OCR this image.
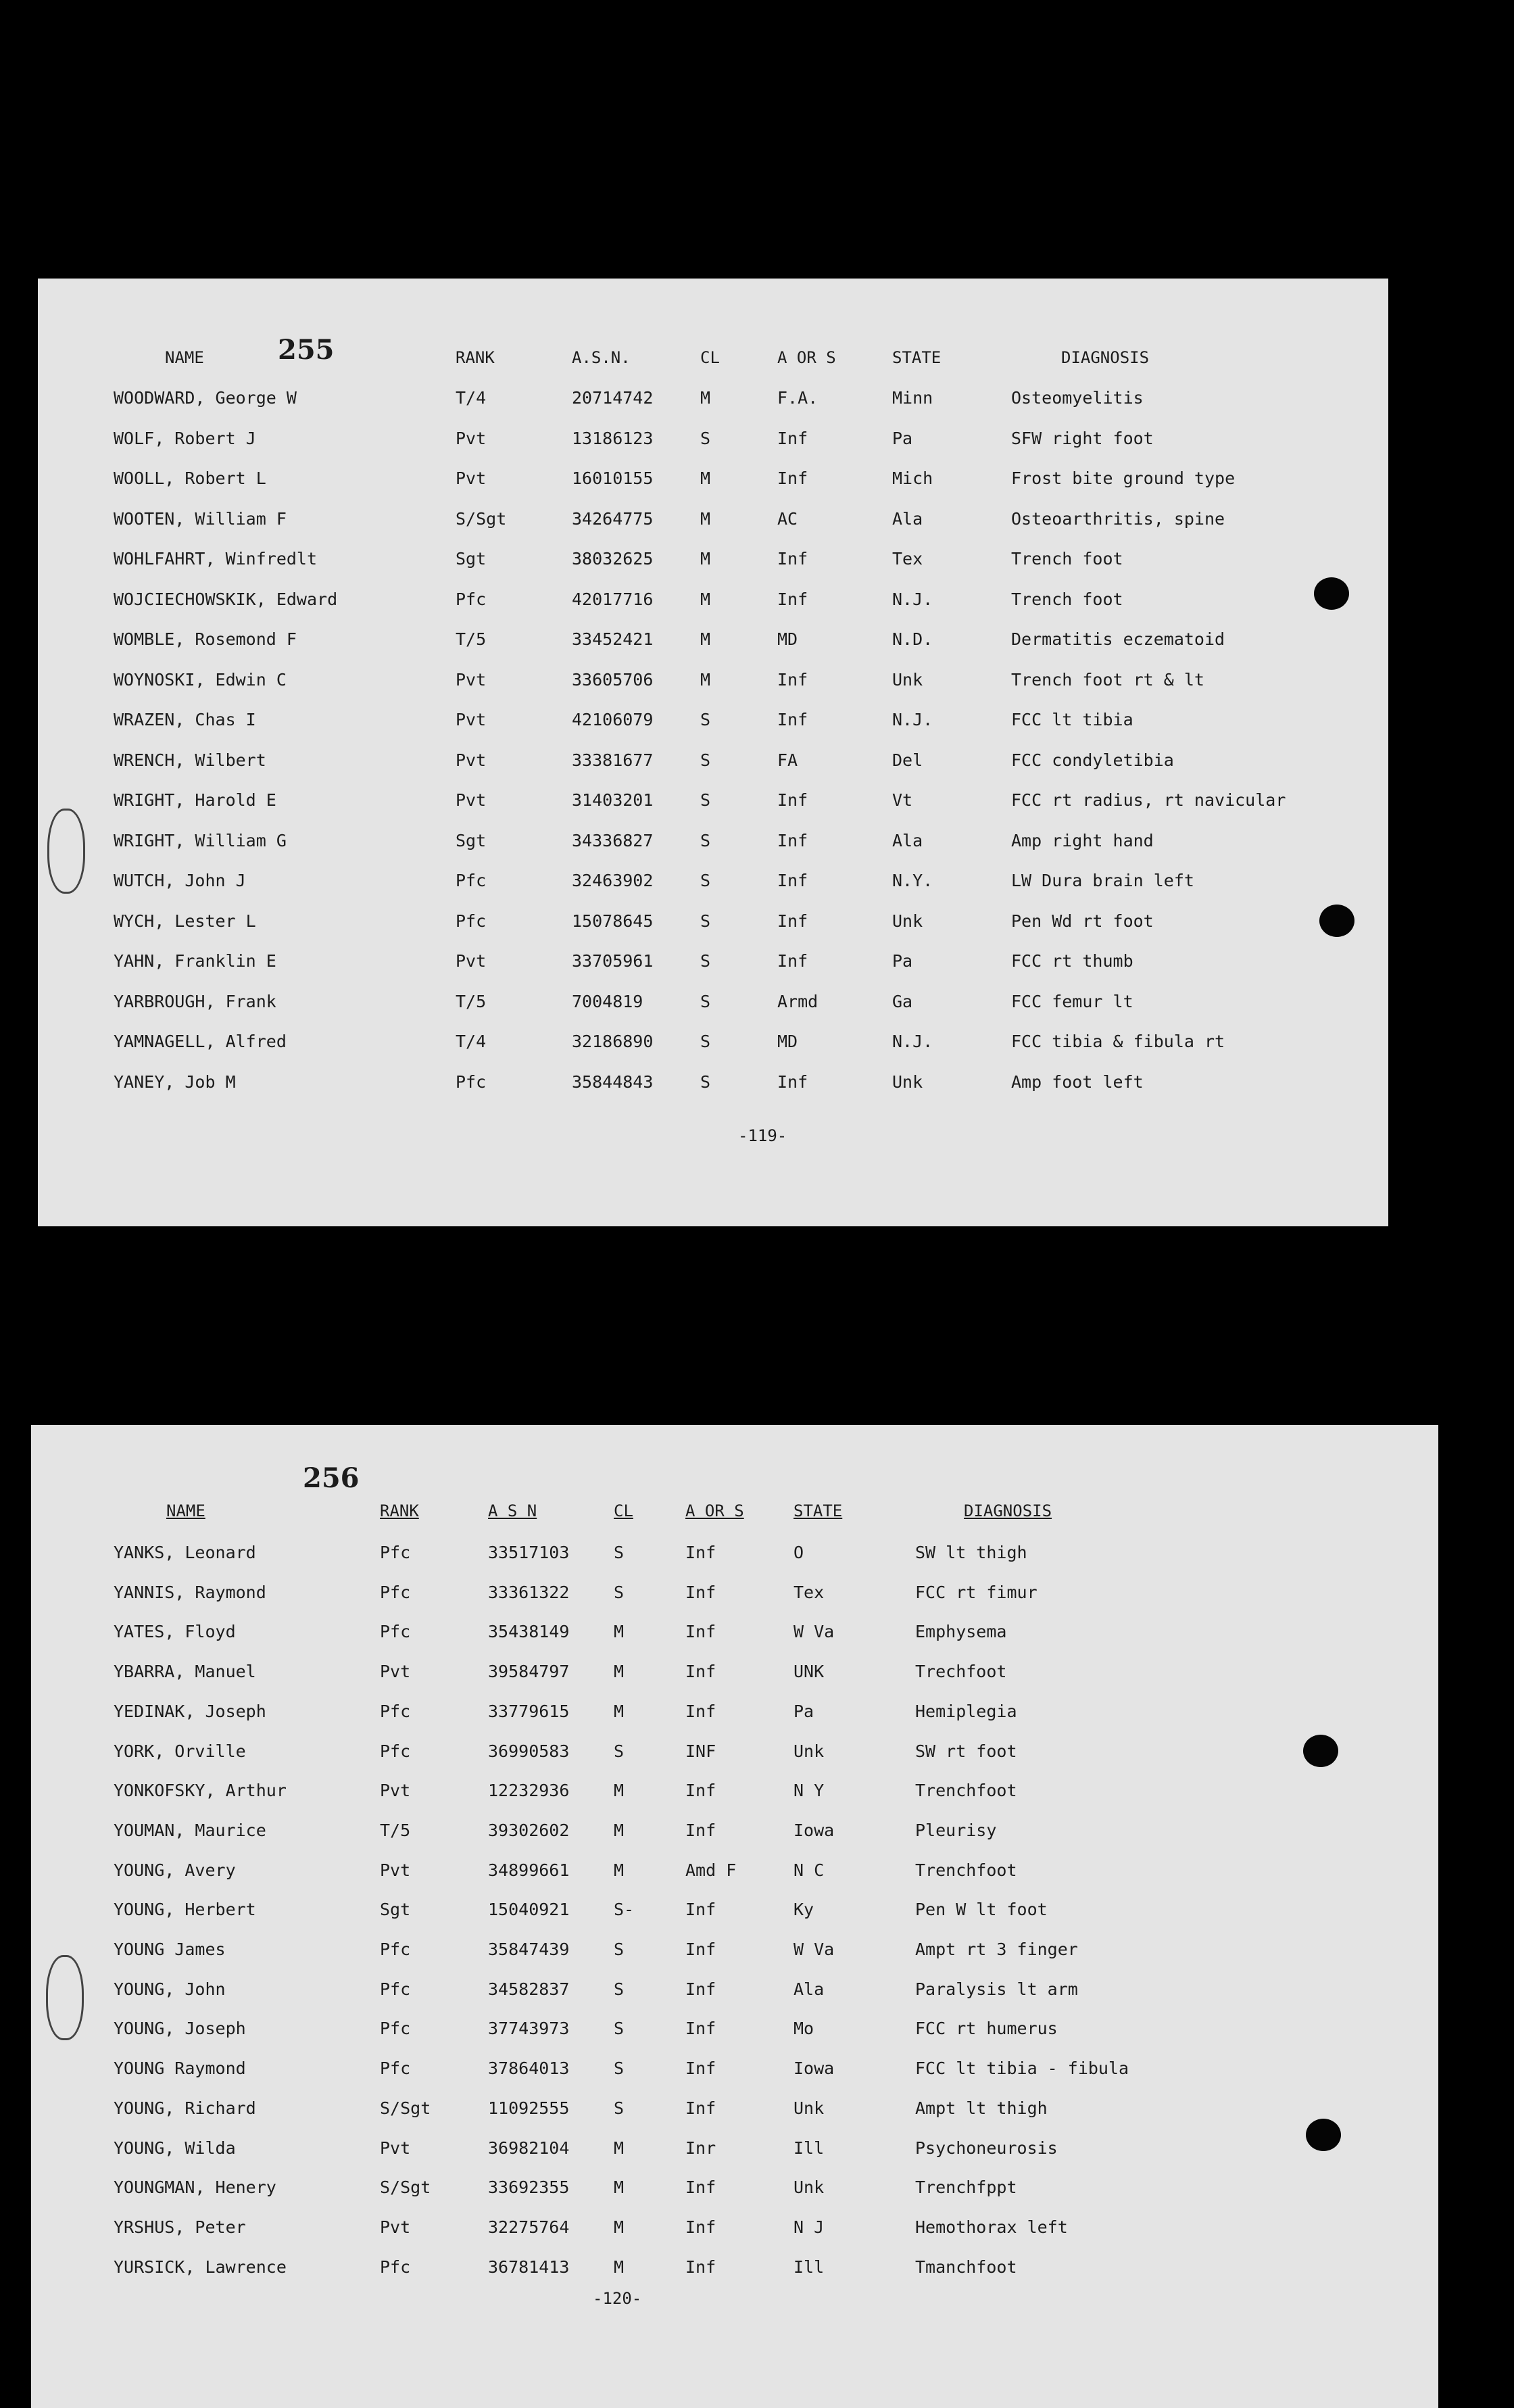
255
NAME	RANK	A.S.N.	CL	A OR S	STATE	DIAGNOSIS
WOODWARD, George W	T/4	20714742	M	F.A.	Minn	Osteomyelitis
WOLF, Robert J	Pvt	13186123	S	Inf	Pa	SFW right foot
WOOLL, Robert L	Pvt	16010155	M	Inf	Mich	Frost bite ground type
WOOTEN, William F	S/Sgt	34264775	M	AC	Ala	Osteoarthritis, spine
WOHLFAHRT, Winfredlt	Sgt	38032625	M	Inf	Tex	Trench foot
WOJCIECHOWSKIK, Edward	Pfc	42017716	M	Inf	N.J.	Trench foot
WOMBLE, Rosemond F	T/5	33452421	M	MD	N.D.	Dermatitis eczematoid
WOYNOSKI, Edwin C	Pvt	33605706	M	Inf	Unk	Trench foot rt & lt
WRAZEN, Chas I	Pvt	42106079	S	Inf	N.J.	FCC lt tibia
WRENCH, Wilbert	Pvt	33381677	S	FA	Del	FCC condyletibia
WRIGHT, Harold E	Pvt	31403201	S	Inf	Vt	FCC rt radius, rt navicular
WRIGHT, William G	Sgt	34336827	S	Inf	Ala	Amp right hand
WUTCH, John J	Pfc	32463902	S	Inf	N.Y.	LW Dura brain left
WYCH, Lester L	Pfc	15078645	S	Inf	Unk	Pen Wd rt foot
YAHN, Franklin E	Pvt	33705961	S	Inf	Pa	FCC rt thumb
YARBROUGH, Frank	T/5	7004819	S	Armd	Ga	FCC femur lt
YAMNAGELL, Alfred	T/4	32186890	S	MD	N.J.	FCC tibia & fibula rt
YANEY, Job M	Pfc	35844843	S	Inf	Unk	Amp foot left
-119-
256
NAME	RANK	A S N	CL	A OR S	STATE	DIAGNOSIS
YANKS, Leonard	Pfc	33517103	S	Inf	O	SW lt thigh
YANNIS, Raymond	Pfc	33361322	S	Inf	Tex	FCC rt fimur
YATES, Floyd	Pfc	35438149	M	Inf	W Va	Emphysema
YBARRA, Manuel	Pvt	39584797	M	Inf	UNK	Trechfoot
YEDINAK, Joseph	Pfc	33779615	M	Inf	Pa	Hemiplegia
YORK, Orville	Pfc	36990583	S	INF	Unk	SW rt foot
YONKOFSKY, Arthur	Pvt	12232936	M	Inf	N Y	Trenchfoot
YOUMAN, Maurice	T/5	39302602	M	Inf	Iowa	Pleurisy
YOUNG, Avery	Pvt	34899661	M	Amd F	N C	Trenchfoot
YOUNG, Herbert	Sgt	15040921	S-	Inf	Ky	Pen W lt foot
YOUNG James	Pfc	35847439	S	Inf	W Va	Ampt rt 3 finger
YOUNG, John	Pfc	34582837	S	Inf	Ala	Paralysis lt arm
YOUNG, Joseph	Pfc	37743973	S	Inf	Mo	FCC rt humerus
YOUNG Raymond	Pfc	37864013	S	Inf	Iowa	FCC lt tibia - fibula
YOUNG, Richard	S/Sgt	11092555	S	Inf	Unk	Ampt lt thigh
YOUNG, Wilda	Pvt	36982104	M	Inr	Ill	Psychoneurosis
YOUNGMAN, Henery	S/Sgt	33692355	M	Inf	Unk	Trenchfppt
YRSHUS, Peter	Pvt	32275764	M	Inf	N J	Hemothorax left
YURSICK, Lawrence	Pfc	36781413	M	Inf	Ill	Tmanchfoot
-120-
